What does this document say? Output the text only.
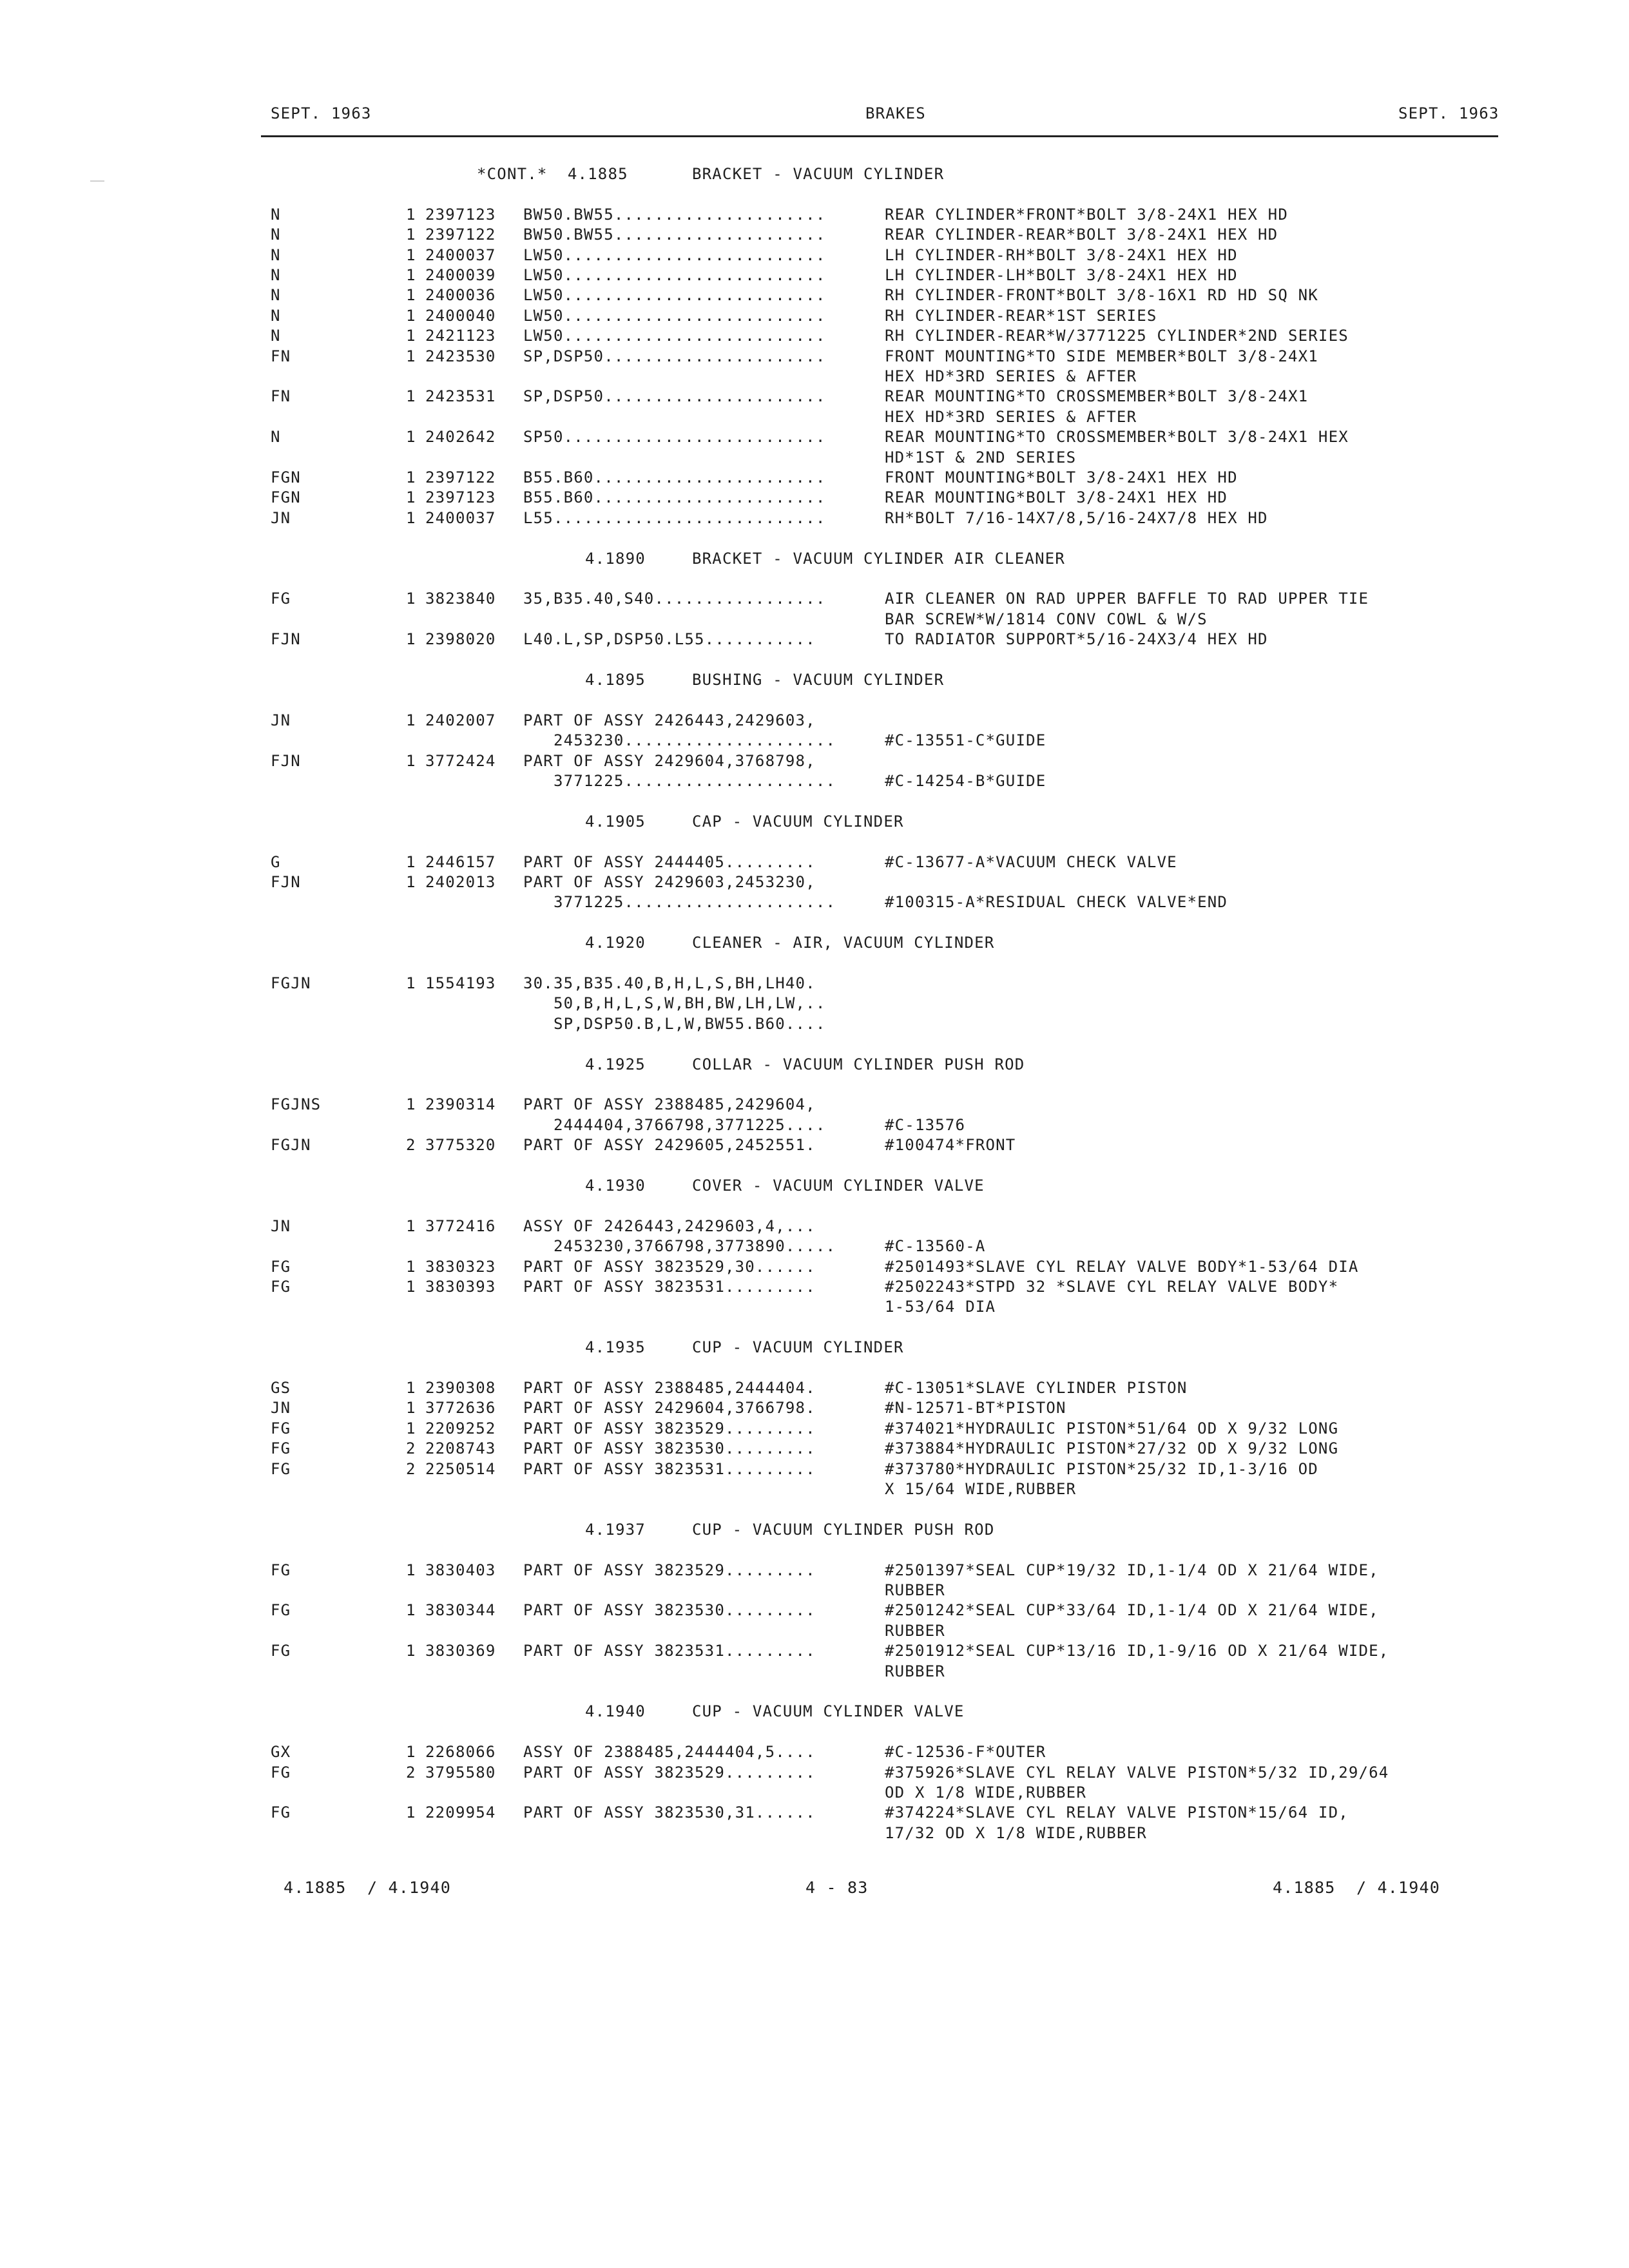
SEPT. 1963	BRAKES	SEPT. 1963
*CONT.*  4.1885	BRACKET - VACUUM CYLINDER
N	1 2397123 BW50.BW55.....................	REAR CYLINDER*FRONT*BOLT 3/8-24X1 HEX HD
N	1 2397122 BW50.BW55.....................	REAR CYLINDER-REAR*BOLT 3/8-24X1 HEX HD
N	1 2400037 LW50..........................	LH CYLINDER-RH*BOLT 3/8-24X1 HEX HD
N	1 2400039 LW50..........................	LH CYLINDER-LH*BOLT 3/8-24X1 HEX HD
N	1 2400036 LW50..........................	RH CYLINDER-FRONT*BOLT 3/8-16X1 RD HD SQ NK
N	1 2400040 LW50..........................	RH CYLINDER-REAR*1ST SERIES
N	1 2421123 LW50..........................	RH CYLINDER-REAR*W/3771225 CYLINDER*2ND SERIES
FN	1 2423530 SP,DSP50......................	FRONT MOUNTING*TO SIDE MEMBER*BOLT 3/8-24X1
HEX HD*3RD SERIES & AFTER
FN	1 2423531 SP,DSP50......................	REAR MOUNTING*TO CROSSMEMBER*BOLT 3/8-24X1
HEX HD*3RD SERIES & AFTER
N	1 2402642 SP50..........................	REAR MOUNTING*TO CROSSMEMBER*BOLT 3/8-24X1 HEX
HD*1ST & 2ND SERIES
FGN	1 2397122 B55.B60.......................	FRONT MOUNTING*BOLT 3/8-24X1 HEX HD
FGN	1 2397123 B55.B60.......................	REAR MOUNTING*BOLT 3/8-24X1 HEX HD
JN	1 2400037 L55...........................	RH*BOLT 7/16-14X7/8,5/16-24X7/8 HEX HD
4.1890	BRACKET - VACUUM CYLINDER AIR CLEANER
FG	1 3823840 35,B35.40,S40.................	AIR CLEANER ON RAD UPPER BAFFLE TO RAD UPPER TIE
BAR SCREW*W/1814 CONV COWL & W/S
FJN	1 2398020 L40.L,SP,DSP50.L55...........	TO RADIATOR SUPPORT*5/16-24X3/4 HEX HD
4.1895	BUSHING - VACUUM CYLINDER
JN	1 2402007 PART OF ASSY 2426443,2429603,
2453230.....................	#C-13551-C*GUIDE
FJN	1 3772424 PART OF ASSY 2429604,3768798,
3771225.....................	#C-14254-B*GUIDE
4.1905	CAP - VACUUM CYLINDER
G	1 2446157 PART OF ASSY 2444405.........	#C-13677-A*VACUUM CHECK VALVE
FJN	1 2402013 PART OF ASSY 2429603,2453230,
3771225.....................	#100315-A*RESIDUAL CHECK VALVE*END
4.1920	CLEANER - AIR, VACUUM CYLINDER
FGJN	1 1554193 30.35,B35.40,B,H,L,S,BH,LH40.
50,B,H,L,S,W,BH,BW,LH,LW,..
SP,DSP50.B,L,W,BW55.B60....
4.1925	COLLAR - VACUUM CYLINDER PUSH ROD
FGJNS	1 2390314 PART OF ASSY 2388485,2429604,
2444404,3766798,3771225....	#C-13576
FGJN	2 3775320 PART OF ASSY 2429605,2452551.	#100474*FRONT
4.1930	COVER - VACUUM CYLINDER VALVE
JN	1 3772416 ASSY OF 2426443,2429603,4,...
2453230,3766798,3773890.....	#C-13560-A
FG	1 3830323 PART OF ASSY 3823529,30......	#2501493*SLAVE CYL RELAY VALVE BODY*1-53/64 DIA
FG	1 3830393 PART OF ASSY 3823531.........	#2502243*STPD 32 *SLAVE CYL RELAY VALVE BODY*
1-53/64 DIA
4.1935	CUP - VACUUM CYLINDER
GS	1 2390308 PART OF ASSY 2388485,2444404.	#C-13051*SLAVE CYLINDER PISTON
JN	1 3772636 PART OF ASSY 2429604,3766798.	#N-12571-BT*PISTON
FG	1 2209252 PART OF ASSY 3823529.........	#374021*HYDRAULIC PISTON*51/64 OD X 9/32 LONG
FG	2 2208743 PART OF ASSY 3823530.........	#373884*HYDRAULIC PISTON*27/32 OD X 9/32 LONG
FG	2 2250514 PART OF ASSY 3823531.........	#373780*HYDRAULIC PISTON*25/32 ID,1-3/16 OD
X 15/64 WIDE,RUBBER
4.1937	CUP - VACUUM CYLINDER PUSH ROD
FG	1 3830403 PART OF ASSY 3823529.........	#2501397*SEAL CUP*19/32 ID,1-1/4 OD X 21/64 WIDE,
RUBBER
FG	1 3830344 PART OF ASSY 3823530.........	#2501242*SEAL CUP*33/64 ID,1-1/4 OD X 21/64 WIDE,
RUBBER
FG	1 3830369 PART OF ASSY 3823531.........	#2501912*SEAL CUP*13/16 ID,1-9/16 OD X 21/64 WIDE,
RUBBER
4.1940	CUP - VACUUM CYLINDER VALVE
GX	1 2268066 ASSY OF 2388485,2444404,5....	#C-12536-F*OUTER
FG	2 3795580 PART OF ASSY 3823529.........	#375926*SLAVE CYL RELAY VALVE PISTON*5/32 ID,29/64
OD X 1/8 WIDE,RUBBER
FG	1 2209954 PART OF ASSY 3823530,31......	#374224*SLAVE CYL RELAY VALVE PISTON*15/64 ID,
17/32 OD X 1/8 WIDE,RUBBER
4.1885  / 4.1940	4 - 83	4.1885  / 4.1940
